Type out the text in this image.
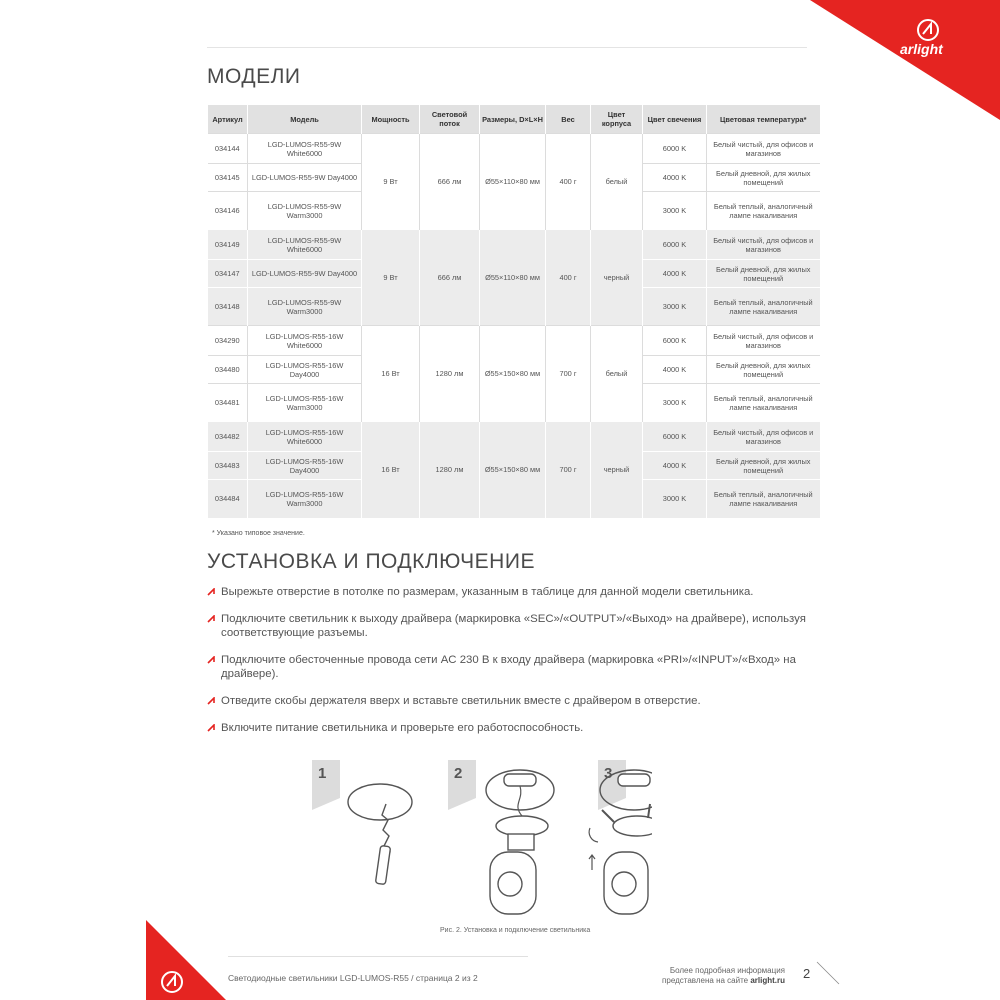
arlight
МОДЕЛИ
Артикул	Модель	Мощность	Световой поток	Размеры, D×L×H	Вес	Цвет корпуса	Цвет свечения	Цветовая температура*
034144	LGD-LUMOS-R55-9W White6000	9 Вт	666 лм	Ø55×110×80 мм	400 г	белый	6000 K	Белый чистый, для офисов и магазинов
034145	LGD-LUMOS-R55-9W Day4000						4000 K	Белый дневной, для жилых помещений
034146	LGD-LUMOS-R55-9W Warm3000						3000 K	Белый теплый, аналогичный лампе накаливания
034149	LGD-LUMOS-R55-9W White6000	9 Вт	666 лм	Ø55×110×80 мм	400 г	черный	6000 K	Белый чистый, для офисов и магазинов
034147	LGD-LUMOS-R55-9W Day4000						4000 K	Белый дневной, для жилых помещений
034148	LGD-LUMOS-R55-9W Warm3000						3000 K	Белый теплый, аналогичный лампе накаливания
034290	LGD-LUMOS-R55-16W White6000	16 Вт	1280 лм	Ø55×150×80 мм	700 г	белый	6000 K	Белый чистый, для офисов и магазинов
034480	LGD-LUMOS-R55-16W Day4000						4000 K	Белый дневной, для жилых помещений
034481	LGD-LUMOS-R55-16W Warm3000						3000 K	Белый теплый, аналогичный лампе накаливания
034482	LGD-LUMOS-R55-16W White6000	16 Вт	1280 лм	Ø55×150×80 мм	700 г	черный	6000 K	Белый чистый, для офисов и магазинов
034483	LGD-LUMOS-R55-16W Day4000						4000 K	Белый дневной, для жилых помещений
034484	LGD-LUMOS-R55-16W Warm3000						3000 K	Белый теплый, аналогичный лампе накаливания
* Указано типовое значение.
УСТАНОВКА И ПОДКЛЮЧЕНИЕ
Вырежьте отверстие в потолке по размерам, указанным в таблице для данной модели светильника.
Подключите светильник к выходу драйвера (маркировка «SEC»/«OUTPUT»/«Выход» на драйвере), используя соответствующие разъемы.
Подключите обесточенные провода сети AC 230 В к входу драйвера (маркировка «PRI»/«INPUT»/«Вход» на драйвере).
Отведите скобы держателя вверх и вставьте светильник вместе с драйвером в отверстие.
Включите питание светильника и проверьте его работоспособность.
1	2	3
Рис. 2. Установка и подключение светильника
Светодиодные светильники LGD-LUMOS-R55 / страница 2 из 2
Более подробная информация
представлена на сайте arlight.ru 2
